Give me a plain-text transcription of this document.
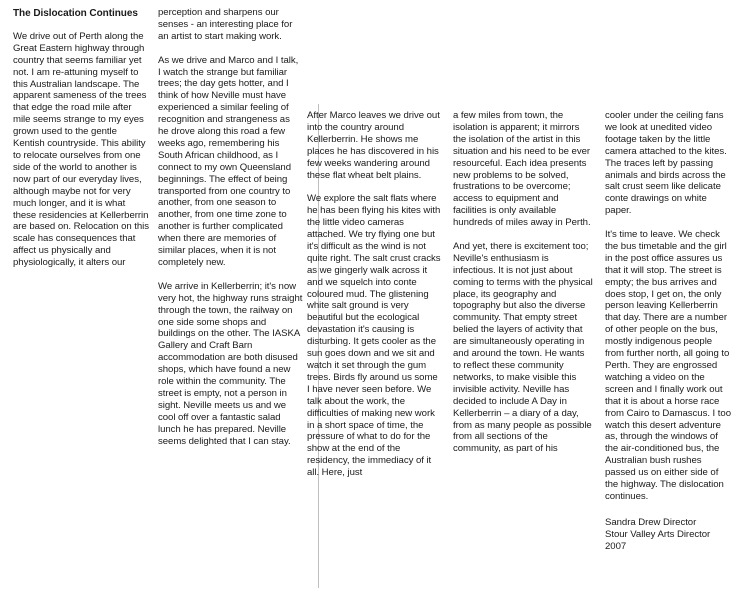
The Dislocation Continues

We drive out of Perth along the Great Eastern highway through country that seems familiar yet not. I am re-attuning myself to this Australian landscape. The apparent sameness of the trees that edge the road mile after mile seems strange to my eyes grown used to the gentle Kentish countryside. This ability to relocate ourselves from one side of the world to another is now part of our everyday lives, although maybe not for very much longer, and it is what these residencies at Kellerberrin are based on. Relocation on this scale has consequences that affect us physically and physiologically, it alters our

perception and sharpens our senses - an interesting place for an artist to start making work.

As we drive and Marco and I talk, I watch the strange but familiar trees; the day gets hotter, and I think of how Neville must have experienced a similar feeling of recognition and strangeness as he drove along this road a few weeks ago, remembering his South African childhood, as I connect to my own Queensland beginnings. The effect of being transported from one country to another, from one season to another, from one time zone to another is further complicated when there are memories of similar places, when it is not completely new.

We arrive in Kellerberrin; it's now very hot, the highway runs straight through the town, the railway on one side some shops and buildings on the other. The IASKA Gallery and Craft Barn accommodation are both disused shops, which have found a new role within the community. The street is empty, not a person in sight. Neville meets us and we cool off over a fantastic salad lunch he has prepared. Neville seems delighted that I can stay.

After Marco leaves we drive out into the country around Kellerberrin. He shows me places he has discovered in his few weeks wandering around these flat wheat belt plains.

We explore the salt flats where he has been flying his kites with the little video cameras attached. We try flying one but it's difficult as the wind is not quite right. The salt crust cracks as we gingerly walk across it and we squelch into conte coloured mud. The glistening white salt ground is very beautiful but the ecological devastation it's causing is disturbing. It gets cooler as the sun goes down and we sit and watch it set through the gum trees. Birds fly around us some I have never seen before. We talk about the work, the difficulties of making new work in a short space of time, the pressure of what to do for the show at the end of the residency, the immediacy of it all. Here, just

a few miles from town, the isolation is apparent; it mirrors the isolation of the artist in this situation and his need to be ever resourceful. Each idea presents new problems to be solved, frustrations to be overcome; access to equipment and facilities is only available hundreds of miles away in Perth.

And yet, there is excitement too; Neville's enthusiasm is infectious. It is not just about coming to terms with the physical place, its geography and topography but also the diverse community. That empty street belied the layers of activity that are simultaneously operating in and around the town. He wants to reflect these community networks, to make visible this invisible activity. Neville has decided to include A Day in Kellerberrin – a diary of a day, from as many people as possible from all sections of the community, as part of his

cooler under the ceiling fans we look at unedited video footage taken by the little camera attached to the kites. The traces left by passing animals and birds across the salt crust seem like delicate conte drawings on white paper.

It's time to leave. We check the bus timetable and the girl in the post office assures us that it will stop. The street is empty; the bus arrives and does stop, I get on, the only person leaving Kellerberrin that day. There are a number of other people on the bus, mostly indigenous people from further north, all going to Perth. They are engrossed watching a video on the screen and I finally work out that it is about a horse race from Cairo to Damascus. I too watch this desert adventure as, through the windows of the air-conditioned bus, the Australian bush rushes passed us on either side of the highway. The dislocation continues.

Sandra Drew Director
Stour Valley Arts Director
2007
